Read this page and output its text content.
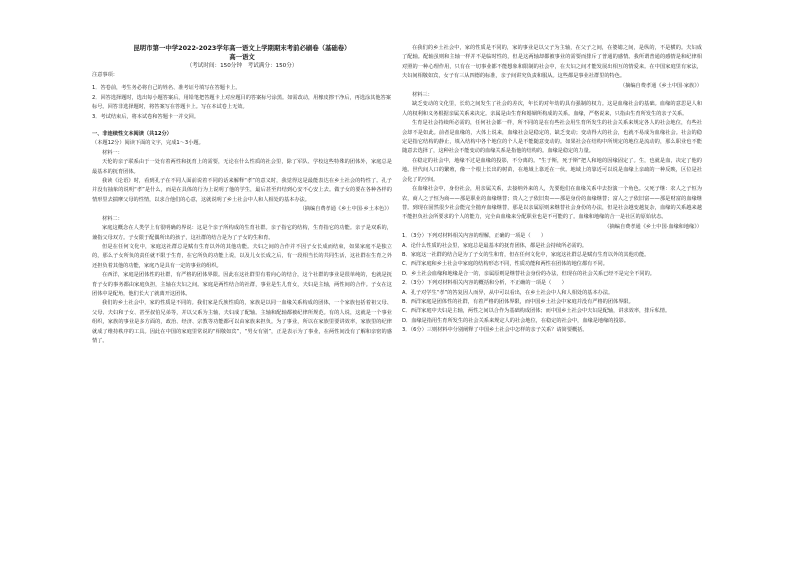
昆明市第一中学2022-2023学年高一语文上学期期末考前必刷卷（基础卷）
高一语文
（考试时间：150分钟　考试满分：150分）
注意事项：
1．答卷前，考生务必将自己的姓名、准考证号填写在答题卡上。
2．回答选择题时，选出每小题答案后，用铅笔把答题卡上对应题目的答案标号涂黑。如需改动，用橡皮擦干净后，再选涂其他答案标号。回答非选择题时，将答案写在答题卡上。写在本试卷上无效。
3．考试结束后，将本试卷和答题卡一并交回。
一、非连续性文本阅读（共12分）
（本题12分）阅读下面的文字，完成1～3小题。
材料一：
天伦的亲子联系由于一处有着两性和抚育上的需要，无论在什么性质的社会里，除了军队、学校这些特殊的团体外，家庭总是最基本的抚育团体。
我读《论语》时，看到孔子在不同人面前说着不同的话来解释“孝”的意义时，我觉得这是最能表达在乡土社会的特性了。孔子并没有抽象的说明“孝”是什么，而是在具体的行为上说明了他的学生，最后甚至归结到心安不心安上去。做子女的要在各种各样的情形里去揣摩父母的性情，以求合他们的心意，这就说明了乡土社会中人和人相处的基本办法。
（摘编自费孝通《乡土中国·乡土本色》）
材料二：
家庭这概念在人类学上有很明确的界说：这是个亲子所构成的生育社群。亲子指它的结构，生育指它的功能。亲子是双系的，兼指父母双方。子女限于配偶所出的孩子，这社群的结合是为了子女的生和育。
但是在任何文化中，家庭这社群总是赋有生育以外的其他功能。夫妇之间的合作并不因子女长成而结束，如果家庭不是独立的，那么子女所负的责任就不限于生育，在它所负的功能上说，以及儿女长成之后，有一段相当长的共同生活，这社群在生育之外还担负着其他的功能，家庭乃是具有一定的事业的组织。
在西洋，家庭是团体性的社群，有严格的团体界限。因此在这社群里有着向心的结合，这个社群的事业是很单纯的，也就是抚育子女的事务都由家庭负担，主轴在夫妇之间。家庭是两性结合的社群，事业是生儿育女，夫妇是主轴，两性间的合作。子女在这团体中是配角，他们长大了就离开这团体。
我们的乡土社会中，家的性质是不同的。我们家是氏族性质的，家族是以同一血缘关系构成的团体，一个家族包括着祖父母、父母、夫妇和子女、甚至叔伯兄弟等，并以父系为主轴，夫妇成了配轴。主轴和配轴都被纪律所规范。有的人说，这就是一个事业组织，家族的事业是多方面的，政治、经济、宗教等功能都可以由家族来担负。为了事业，所以在家族里要讲效率，家族里的纪律就成了维持秩序的工具。因此在中国的家庭里常说的“相敬如宾”，“男女有别”，正是表示为了事业，在两性间没有了解和亲密的感情了。
在我们的乡土社会中，家的性质是不同的，家的事业是以父子为主轴，在父子之间，在婆媳之间，是纵的，不是横的。夫妇成了配轴。配轴虽则和主轴一样并不是临时性的，但是这两轴却都被事业的需要而排斥了普通的感情。我所谓普通的感情是和纪律相对照的一种心理作用，只有在一切事业都不能想象和限制的社会中，在夫妇之间才能发展出相互的情爱来。在中国家庭里有家法，夫妇间相敬如宾，女子有三从四德的标准，亲子间讲究负责和服从。这些都是事业社群里的特色。
（摘编自费孝通《乡土中国·家族》）
材料三：
缺乏变动的文化里，长幼之间发生了社会的差次，年长的对年幼的具有强制的权力。这是血缘社会的基础。血缘的意思是人和人的权利和义务根据亲属关系来决定。亲属是由生育和婚姻所构成的关系。血缘，严格说来，只指由生育所发生的亲子关系。
生育是社会持续所必需的，任何社会都一样，所不同的是在有些社会用生育所发生的社会关系来规定各人的社会地位，有些社会却不是如此。前者是血缘的，大体上说来，血缘社会是稳定的，缺乏变动；变动得大的社会，也就不易成为血缘社会。社会的稳定是指它结构的静止，填入结构中各个地位的个人是不能随意变动的。如果社会在结构中所规定的地位是流动的，那么职业也不能随意去选择了，这种社会不能变动的血缘关系是指他的结构的。血缘是稳定的力量。
在稳定的社会中，地缘不过是血缘的投影，不分离的。“生于斯，死于斯”把人和地的因缘固定了。生，也就是血，决定了他的地。世代间人口的繁殖，像一个根上长出的树苗，在地域上靠近在一伙。地域上的靠近可以说是血缘上亲疏的一种反映，区位是社会化了的空间。
在血缘社会中，身份社会，用亲属关系，去接纳外来的人，先要他们在血缘关系中去扮演一个角色。父死子继：农人之子恒为农，商人之子恒为商——那是职业的血缘继替；贵人之子依旧贵——那是身份的血缘继替；富人之子依旧富——那是财富的血缘继替。到现在固然很少社会能完全抛弃血缘继替，那是以亲属原则来继替社会身份的办法，但是社会越变越复杂，血缘的关系越来越不能担负社会所要求的个人的能力，完全由血缘来分配职业也是不可能的了。血缘和地缘的合一是社区的原始状态。
（摘编自费孝通《乡土中国·血缘和地缘》）
1．（3分）下列对材料相关内容的理解，正确的一项是（　　）
A．论什么性质的社会里，家庭总是最基本的抚育团体，都是社会持续所必需的。
B．家庭这一社群的结合是为了子女的生和育，但在任何文化中，家庭这社群总是赋有生育以外的其他功能。
C．西洋家庭和乡土社会中家庭的结构形态不同，性质功能和两性在团体的地位都有不同。
D．乡土社会血缘和地缘是合一的，亲属原则是继替社会身份的办法，但现在的社会关系已经不是完全不同的。
2．（3分）下列对材料相关内容的概括和分析，不正确的一项是（　　）
A．孔子对学生“孝”的答复因人而异，从中可以看出，在乡土社会中人和人相处的基本办法。
B．西洋家庭是团体性的社群，有着严格的团体界限，而中国乡土社会中家庭并没有严格的团体界限。
C．西洋家庭中夫妇是主轴，两性之间以合作为基础构成团体；而中国乡土社会中夫妇是配轴，讲求效率，排斥私情。
D．血缘是指用生育所发生的社会关系来规定人的社会地位，在稳定的社会中，血缘是地缘的投影。
3．（6分）三则材料中分别阐释了中国乡土社会中怎样的亲子关系？请简要概括。
